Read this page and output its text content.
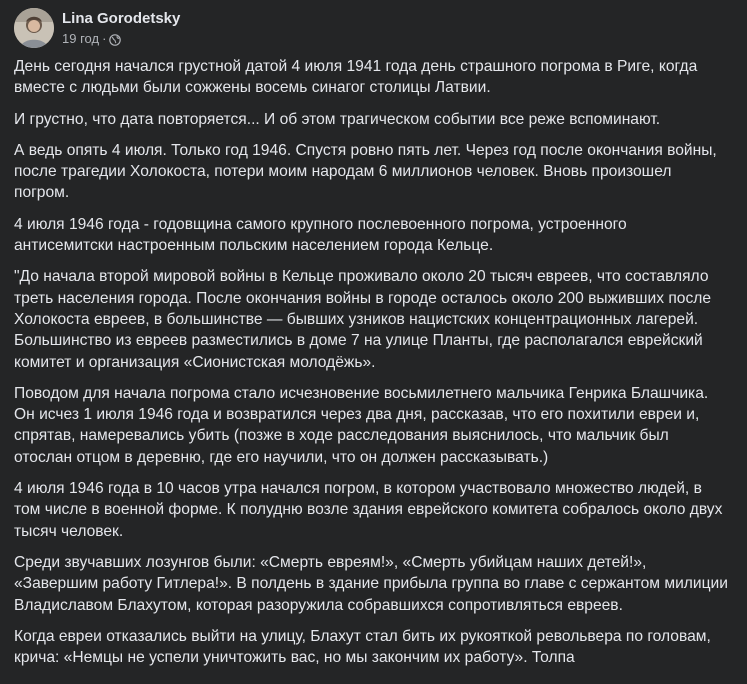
Lina Gorodetsky
19 год ·

День сегодня начался грустной датой 4 июля 1941 года день страшного погрома в Риге, когда вместе с людьми были сожжены восемь синагог столицы Латвии.

И грустно, что дата повторяется... И об этом трагическом событии все реже вспоминают.

А ведь опять 4 июля. Только год 1946. Спустя ровно пять лет. Через год после окончания войны, после трагедии Холокоста, потери моим народам 6 миллионов человек. Вновь произошел погром.

4 июля 1946 года - годовщина самого крупного послевоенного погрома, устроенного антисемитски настроенным польским населением города Кельце.

"До начала второй мировой войны в Кельце проживало около 20 тысяч евреев, что составляло треть населения города. После окончания войны в городе осталось около 200 выживших после Холокоста евреев, в большинстве — бывших узников нацистских концентрационных лагерей. Большинство из евреев разместились в доме 7 на улице Планты, где располагался еврейский комитет и организация «Сионистская молодёжь».

Поводом для начала погрома стало исчезновение восьмилетнего мальчика Генрика Блашчика. Он исчез 1 июля 1946 года и возвратился через два дня, рассказав, что его похитили евреи и, спрятав, намеревались убить (позже в ходе расследования выяснилось, что мальчик был отослан отцом в деревню, где его научили, что он должен рассказывать.)

4 июля 1946 года в 10 часов утра начался погром, в котором участвовало множество людей, в том числе в военной форме. К полудню возле здания еврейского комитета собралось около двух тысяч человек.

Среди звучавших лозунгов были: «Смерть евреям!», «Смерть убийцам наших детей!», «Завершим работу Гитлера!». В полдень в здание прибыла группа во главе с сержантом милиции Владиславом Блахутом, которая разоружила собравшихся сопротивляться евреев.

Когда евреи отказались выйти на улицу, Блахут стал бить их рукояткой револьвера по головам, крича: «Немцы не успели уничтожить вас, но мы закончим их работу». Толпа
